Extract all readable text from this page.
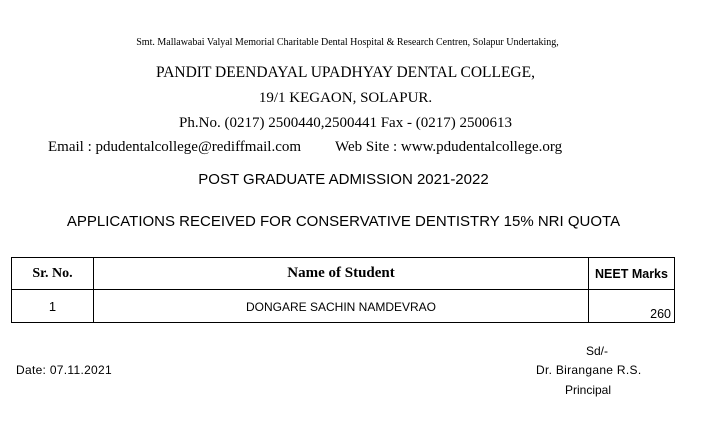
Smt. Mallawabai Valyal Memorial Charitable Dental Hospital & Research Centren, Solapur Undertaking,
PANDIT DEENDAYAL UPADHYAY DENTAL COLLEGE,
19/1 KEGAON, SOLAPUR.
Ph.No. (0217) 2500440,2500441 Fax - (0217) 2500613
Email : pdudentalcollege@rediffmail.com Web Site : www.pdudentalcollege.org
POST GRADUATE ADMISSION 2021-2022
APPLICATIONS RECEIVED FOR CONSERVATIVE DENTISTRY 15% NRI QUOTA
Sr. No.	Name of Student	NEET Marks
1	DONGARE SACHIN NAMDEVRAO	260
Date: 07.11.2021
Sd/-
Dr. Birangane R.S.
Principal
